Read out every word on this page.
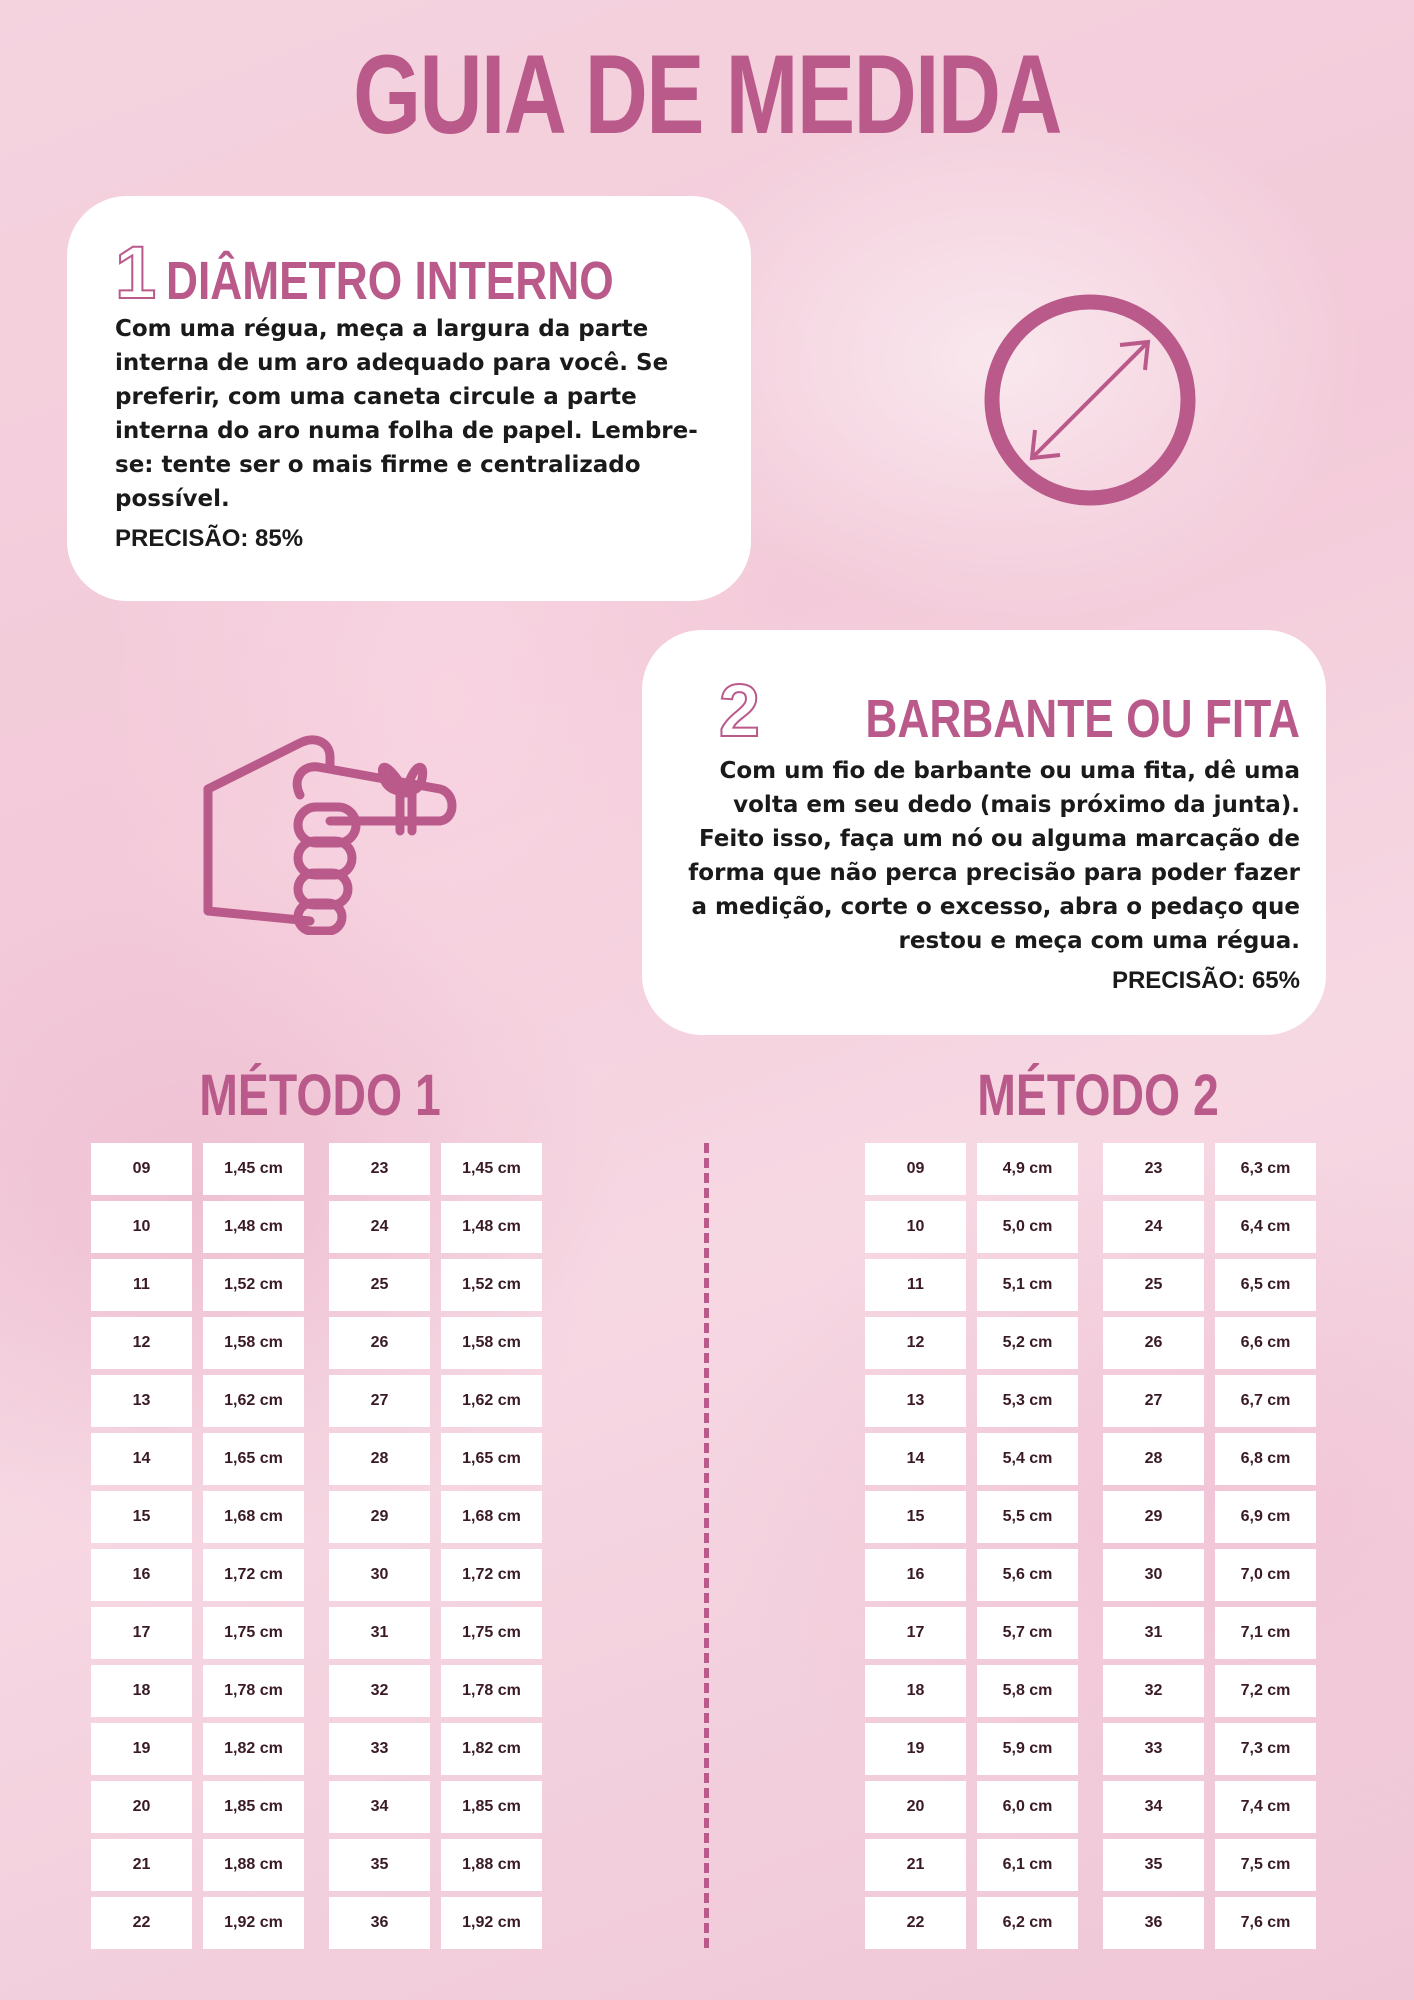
GUIA DE MEDIDA
1 DIÂMETRO INTERNO
Com uma régua, meça a largura da parte interna de um aro adequado para você. Se preferir, com uma caneta circule a parte interna do aro numa folha de papel. Lembre-se: tente ser o mais firme e centralizado possível.
PRECISÃO: 85%
2 BARBANTE OU FITA
Com um fio de barbante ou uma fita, dê uma volta em seu dedo (mais próximo da junta). Feito isso, faça um nó ou alguma marcação de forma que não perca precisão para poder fazer a medição, corte o excesso, abra o pedaço que restou e meça com uma régua.
PRECISÃO: 65%
MÉTODO 1	MÉTODO 2
09	1,45 cm	23	1,45 cm
10	1,48 cm	24	1,48 cm
11	1,52 cm	25	1,52 cm
12	1,58 cm	26	1,58 cm
13	1,62 cm	27	1,62 cm
14	1,65 cm	28	1,65 cm
15	1,68 cm	29	1,68 cm
16	1,72 cm	30	1,72 cm
17	1,75 cm	31	1,75 cm
18	1,78 cm	32	1,78 cm
19	1,82 cm	33	1,82 cm
20	1,85 cm	34	1,85 cm
21	1,88 cm	35	1,88 cm
22	1,92 cm	36	1,92 cm
09	4,9 cm	23	6,3 cm
10	5,0 cm	24	6,4 cm
11	5,1 cm	25	6,5 cm
12	5,2 cm	26	6,6 cm
13	5,3 cm	27	6,7 cm
14	5,4 cm	28	6,8 cm
15	5,5 cm	29	6,9 cm
16	5,6 cm	30	7,0 cm
17	5,7 cm	31	7,1 cm
18	5,8 cm	32	7,2 cm
19	5,9 cm	33	7,3 cm
20	6,0 cm	34	7,4 cm
21	6,1 cm	35	7,5 cm
22	6,2 cm	36	7,6 cm
